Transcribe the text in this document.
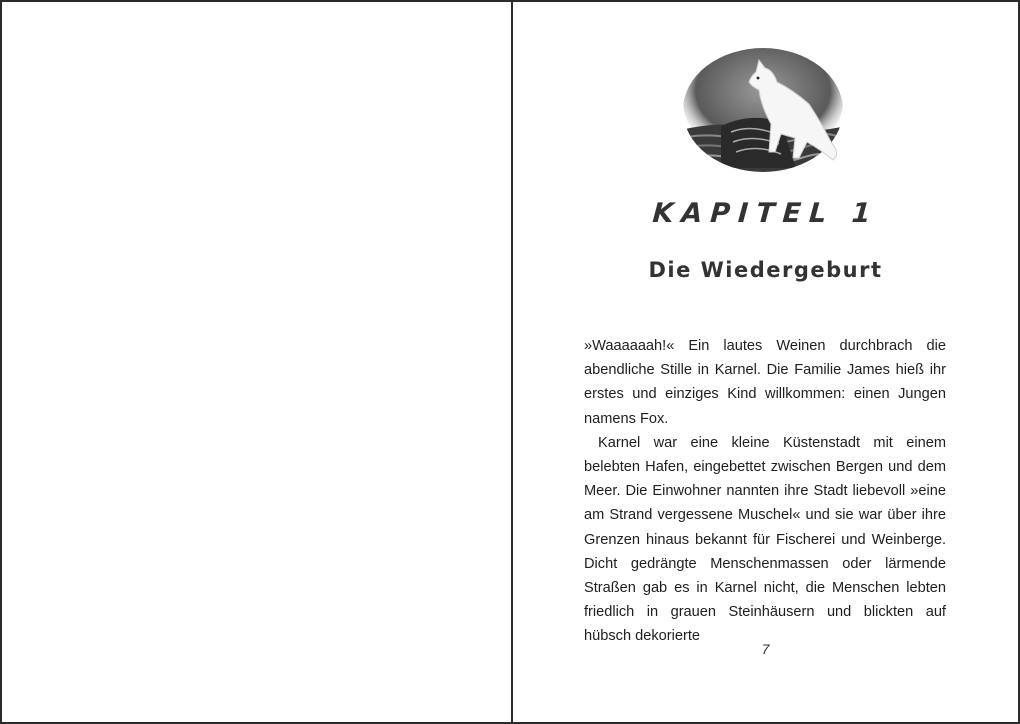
KAPITEL 1
Die Wiedergeburt

»Waaaaaah!« Ein lautes Weinen durchbrach die abendliche Stille in Karnel. Die Familie James hieß ihr erstes und einziges Kind willkommen: einen Jungen namens Fox.

Karnel war eine kleine Küstenstadt mit einem belebten Hafen, eingebettet zwischen Bergen und dem Meer. Die Einwohner nannten ihre Stadt liebevoll »eine am Strand vergessene Muschel« und sie war über ihre Grenzen hinaus bekannt für Fischerei und Weinberge. Dicht gedrängte Menschenmassen oder lärmende Straßen gab es in Karnel nicht, die Menschen lebten friedlich in grauen Steinhäusern und blickten auf hübsch dekorierte

7
